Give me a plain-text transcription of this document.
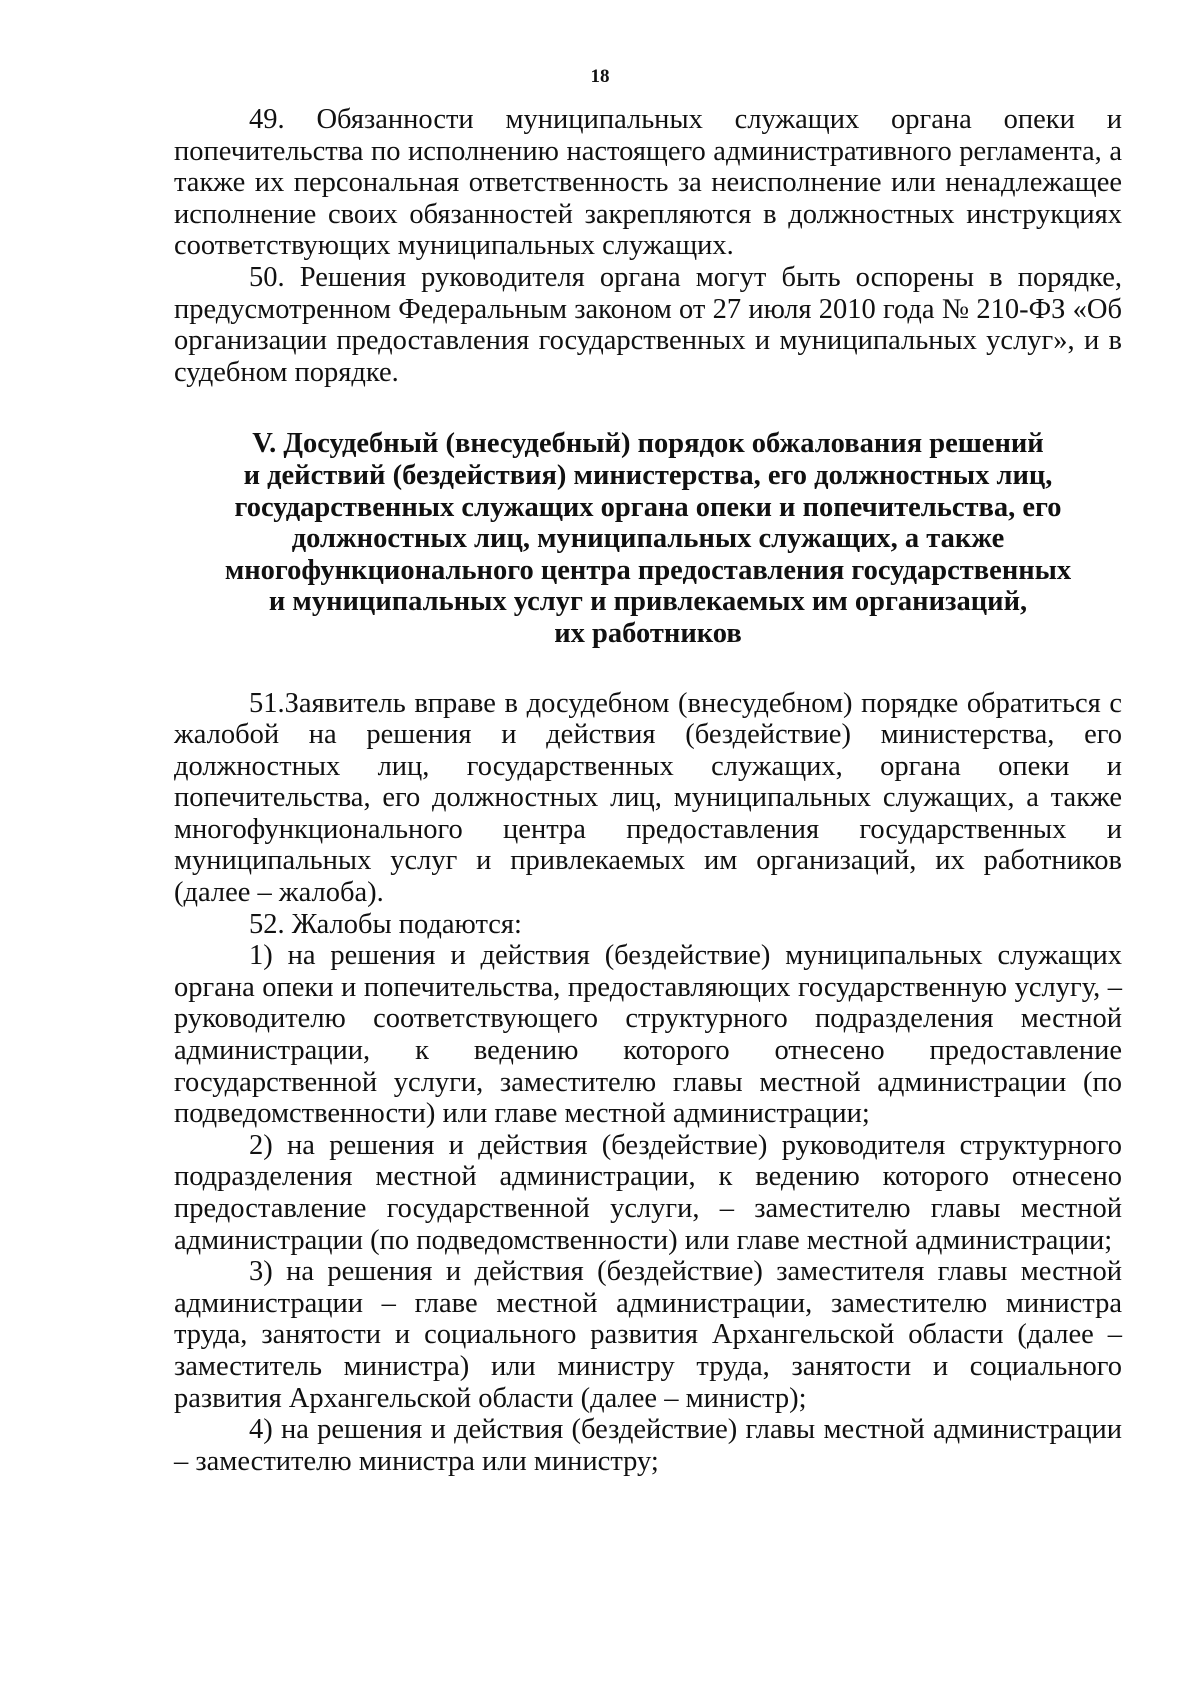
18

49. Обязанности муниципальных служащих органа опеки и попечительства по исполнению настоящего административного регламента, а также их персональная ответственность за неисполнение или ненадлежащее исполнение своих обязанностей закрепляются в должностных инструкциях соответствующих муниципальных служащих.

50. Решения руководителя органа могут быть оспорены в порядке, предусмотренном Федеральным законом от 27 июля 2010 года № 210-ФЗ «Об организации предоставления государственных и муниципальных услуг», и в судебном порядке.

V. Досудебный (внесудебный) порядок обжалования решений
и действий (бездействия) министерства, его должностных лиц,
государственных служащих органа опеки и попечительства, его
должностных лиц, муниципальных служащих, а также
многофункционального центра предоставления государственных
и муниципальных услуг и привлекаемых им организаций,
их работников

51.Заявитель вправе в досудебном (внесудебном) порядке обратиться с жалобой на решения и действия (бездействие) министерства, его должностных лиц, государственных служащих, органа опеки и попечительства, его должностных лиц, муниципальных служащих, а также многофункционального центра предоставления государственных и муниципальных услуг и привлекаемых им организаций, их работников (далее – жалоба).

52. Жалобы подаются:

1) на решения и действия (бездействие) муниципальных служащих органа опеки и попечительства, предоставляющих государственную услугу, – руководителю соответствующего структурного подразделения местной администрации, к ведению которого отнесено предоставление государственной услуги, заместителю главы местной администрации (по подведомственности) или главе местной администрации;

2) на решения и действия (бездействие) руководителя структурного подразделения местной администрации, к ведению которого отнесено предоставление государственной услуги, – заместителю главы местной администрации (по подведомственности) или главе местной администрации;

3) на решения и действия (бездействие) заместителя главы местной администрации – главе местной администрации, заместителю министра труда, занятости и социального развития Архангельской области (далее – заместитель министра) или министру труда, занятости и социального развития Архангельской области (далее – министр);

4) на решения и действия (бездействие) главы местной администрации – заместителю министра или министру;
